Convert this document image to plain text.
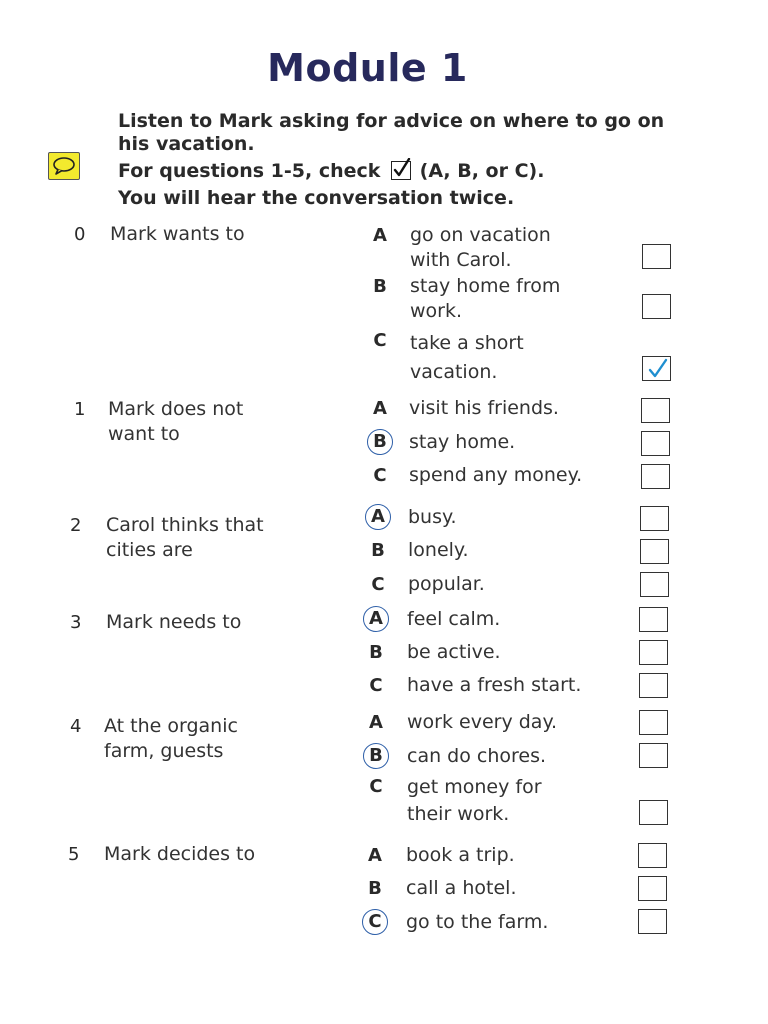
Module 1
Listen to Mark asking for advice on where to go on
his vacation.
For questions 1-5, check (A, B, or C).
You will hear the conversation twice.
0	Mark wants to	A go on vacation
with Carol.
B stay home from
work.
C take a short
vacation.
1	Mark does not
want to
A visit his friends.
B	stay home.
C spend any money.
2	Carol thinks that
cities are
A	busy.
B lonely.
C popular.
3	Mark needs to	A	feel calm.
B be active.
C have a fresh start.
4	At the organic
farm, guests
A work every day.
B	can do chores.
C get money for
their work.
5	Mark decides to	A book a trip.
B call a hotel.
C	go to the farm.
